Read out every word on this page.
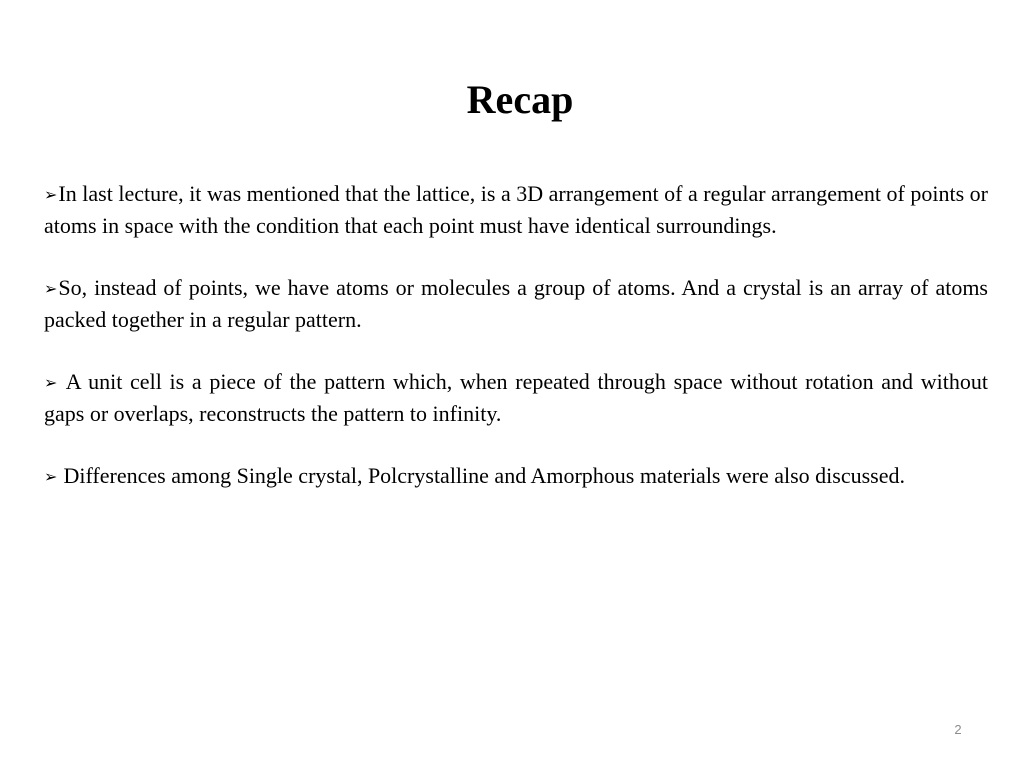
Recap

➢In last lecture, it was mentioned that the lattice, is a 3D arrangement of a regular arrangement of points or atoms in space with the condition that each point must have identical surroundings.

➢So, instead of points, we have atoms or molecules a group of atoms. And a crystal is an array of atoms packed together in a regular pattern.

➢ A unit cell is a piece of the pattern which, when repeated through space without rotation and without gaps or overlaps, reconstructs the pattern to infinity.

➢ Differences among Single crystal, Polcrystalline and Amorphous materials were also discussed.

2
